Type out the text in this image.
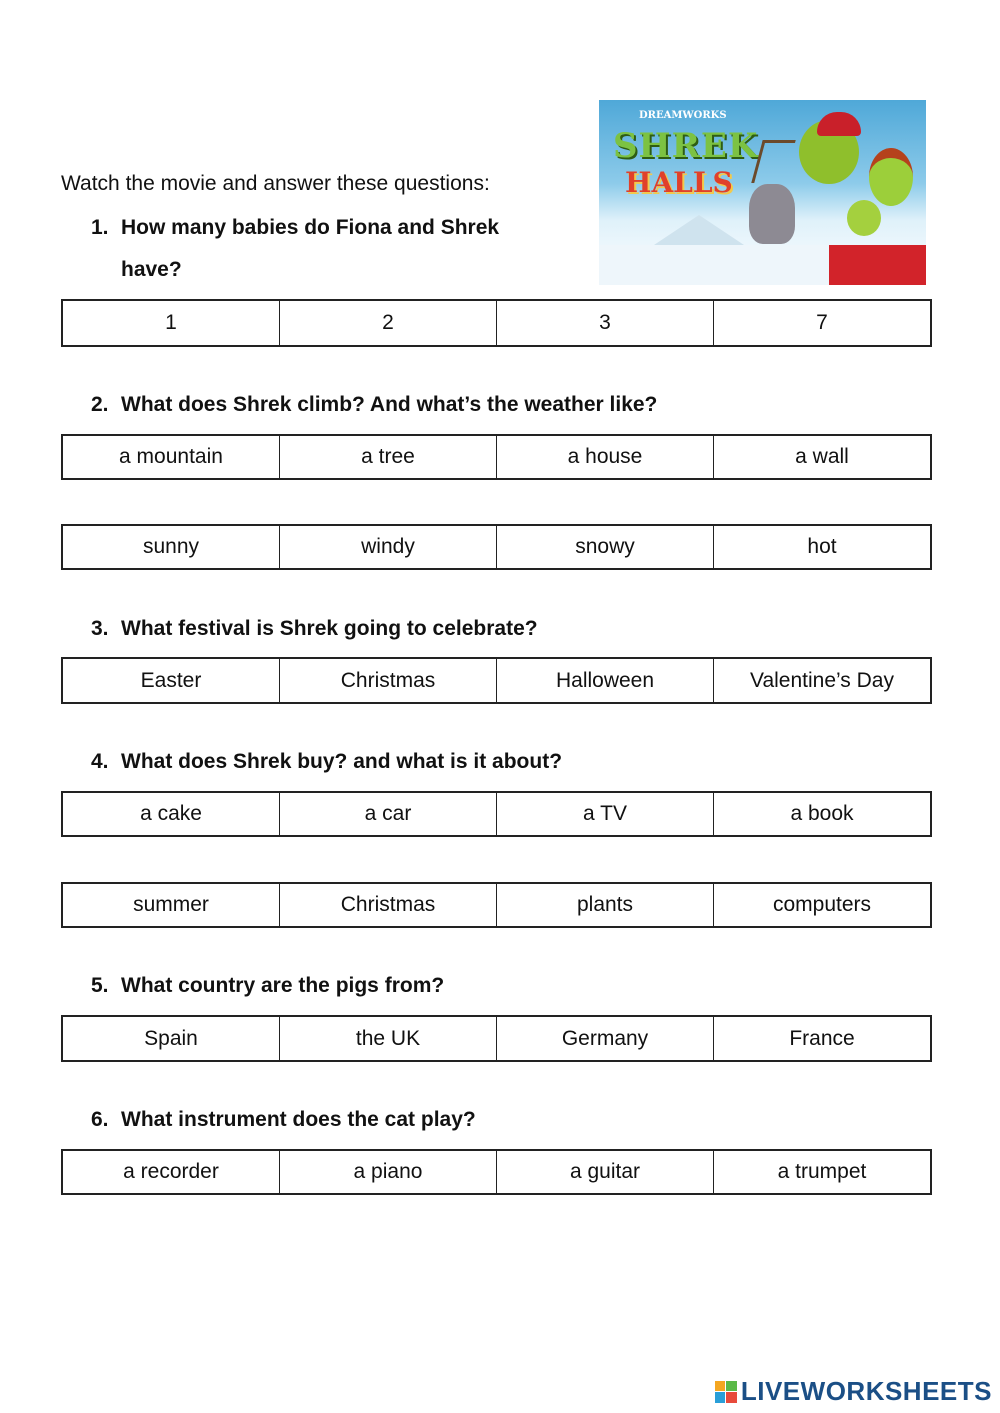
DREAMWORKS
SHREK
HALLS
Watch the movie and answer these questions:
1. How many babies do Fiona and Shrek have?
1	2	3	7
2. What does Shrek climb? And what’s the weather like?
a mountain	a tree	a house	a wall
sunny	windy	snowy	hot
3. What festival is Shrek going to celebrate?
Easter	Christmas	Halloween	Valentine’s Day
4. What does Shrek buy? and what is it about?
a cake	a car	a TV	a book
summer	Christmas	plants	computers
5. What country are the pigs from?
Spain	the UK	Germany	France
6. What instrument does the cat play?
a recorder	a piano	a guitar	a trumpet
LIVEWORKSHEETS
